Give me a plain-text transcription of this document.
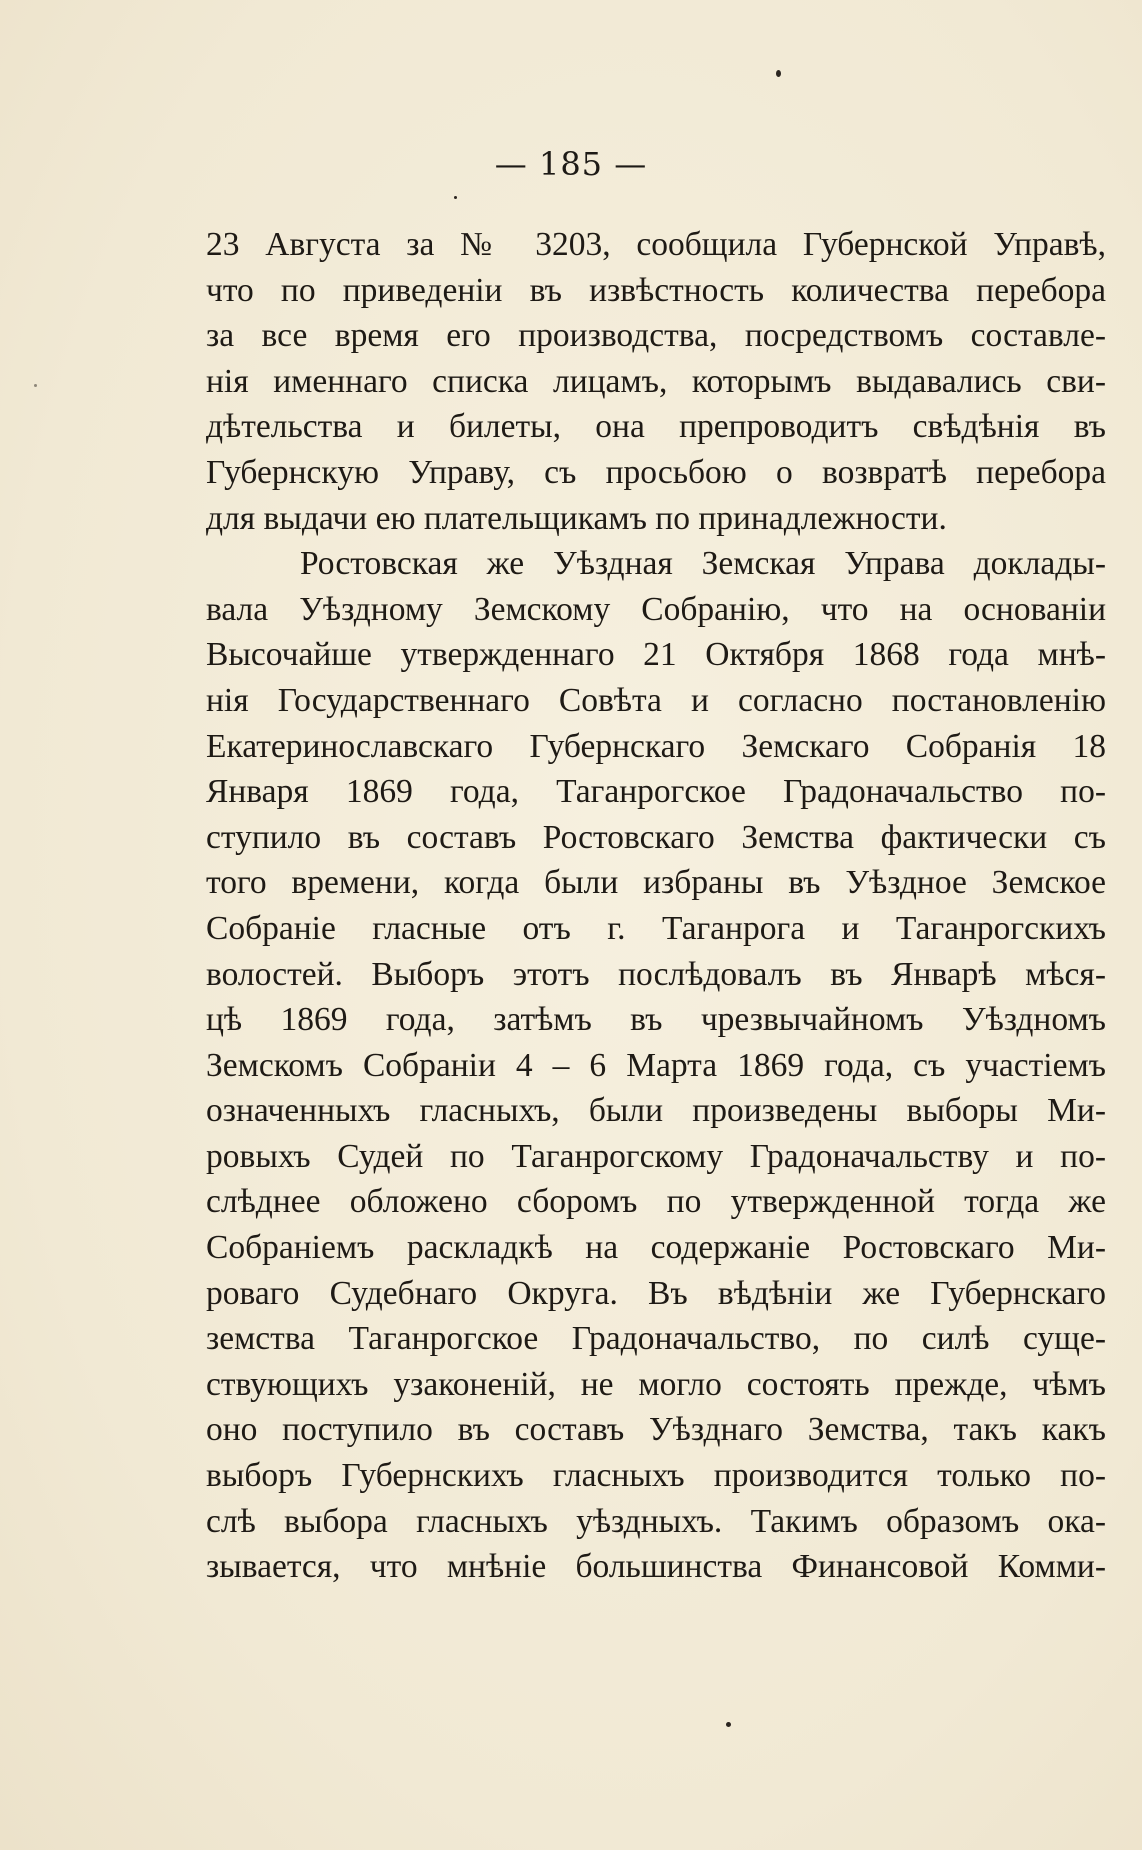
— 185 —
23 Августа за № 3203, сообщила Губернской Управѣ,
что по приведеніи въ извѣстность количества перебора
за все время его производства, посредствомъ составле-
нія именнаго списка лицамъ, которымъ выдавались сви-
дѣтельства и билеты, она препроводитъ свѣдѣнія въ
Губернскую Управу, съ просьбою о возвратѣ перебора
для выдачи ею плательщикамъ по принадлежности.
Ростовская же Уѣздная Земская Управа доклады-
вала Уѣздному Земскому Собранію, что на основаніи
Высочайше утвержденнаго 21 Октября 1868 года мнѣ-
нія Государственнаго Совѣта и согласно постановленію
Екатеринославскаго Губернскаго Земскаго Собранія 18
Января 1869 года, Таганрогское Градоначальство по-
ступило въ составъ Ростовскаго Земства фактически съ
того времени, когда были избраны въ Уѣздное Земское
Собраніе гласные отъ г. Таганрога и Таганрогскихъ
волостей. Выборъ этотъ послѣдовалъ въ Январѣ мѣся-
цѣ 1869 года, затѣмъ въ чрезвычайномъ Уѣздномъ
Земскомъ Собраніи 4 – 6 Марта 1869 года, съ участіемъ
означенныхъ гласныхъ, были произведены выборы Ми-
ровыхъ Судей по Таганрогскому Градоначальству и по-
слѣднее обложено сборомъ по утвержденной тогда же
Собраніемъ раскладкѣ на содержаніе Ростовскаго Ми-
роваго Судебнаго Округа. Въ вѣдѣніи же Губернскаго
земства Таганрогское Градоначальство, по силѣ суще-
ствующихъ узаконеній, не могло состоять прежде, чѣмъ
оно поступило въ составъ Уѣзднаго Земства, такъ какъ
выборъ Губернскихъ гласныхъ производится только по-
слѣ выбора гласныхъ уѣздныхъ. Такимъ образомъ ока-
зывается, что мнѣніе большинства Финансовой Комми-
